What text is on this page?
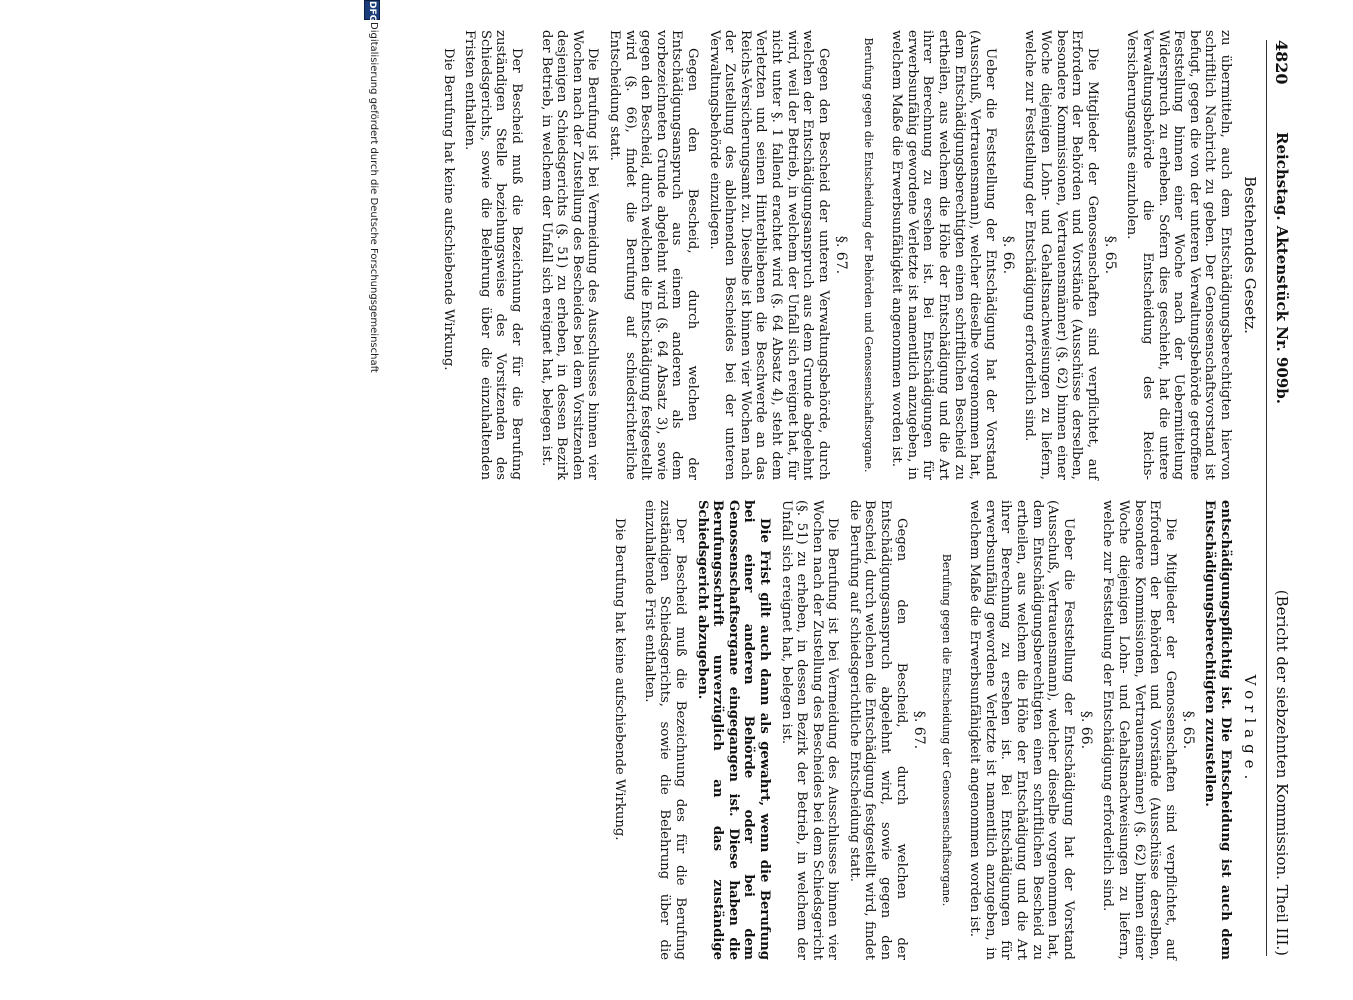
4820
Reichstag. Aktenstück Nr. 909b.
(Bericht der siebzehnten Kommission. Theil III.)
Bestehendes Gesetz.

zu übermitteln, auch dem Entschädigungsberechtigten hiervon schriftlich Nachricht zu geben. Der Genossenschaftsvorstand ist befugt, gegen die von der unteren Verwaltungsbehörde getroffene Feststellung binnen einer Woche nach der Uebermittelung Widerspruch zu erheben. Sofern dies geschieht, hat die untere Verwaltungsbehörde die Entscheidung des Reichs-Versicherungsamts einzuholen.

§. 65.

Die Mitglieder der Genossenschaften sind verpflichtet, auf Erfordern der Behörden und Vorstände (Ausschüsse derselben, besondere Kommissionen, Vertrauensmänner) (§. 62) binnen einer Woche diejenigen Lohn- und Gehaltsnachweisungen zu liefern, welche zur Feststellung der Entschädigung erforderlich sind.

§. 66.

Ueber die Feststellung der Entschädigung hat der Vorstand (Ausschuß, Vertrauensmann), welcher dieselbe vorgenommen hat, dem Entschädigungsberechtigten einen schriftlichen Bescheid zu ertheilen, aus welchem die Höhe der Entschädigung und die Art ihrer Berechnung zu ersehen ist. Bei Entschädigungen für erwerbsunfähig gewordene Verletzte ist namentlich anzugeben, in welchem Maße die Erwerbsunfähigkeit angenommen worden ist.

Berufung gegen die Entscheidung der Behörden und Genossenschaftsorgane.
§. 67.

Gegen den Bescheid der unteren Verwaltungsbehörde, durch welchen der Entschädigungsanspruch aus dem Grunde abgelehnt wird, weil der Betrieb, in welchem der Unfall sich ereignet hat, für nicht unter §. 1 fallend erachtet wird (§. 64 Absatz 4), steht dem Verletzten und seinen Hinterbliebenen die Beschwerde an das Reichs-Versicherungsamt zu. Dieselbe ist binnen vier Wochen nach der Zustellung des ablehnenden Bescheides bei der unteren Verwaltungsbehörde einzulegen.

Gegen den Bescheid, durch welchen der Entschädigungsanspruch aus einem anderen als dem vorbezeichneten Grunde abgelehnt wird (§. 64 Absatz 3), sowie gegen den Bescheid, durch welchen die Entschädigung festgestellt wird (§. 66), findet die Berufung auf schiedsrichterliche Entscheidung statt.

Die Berufung ist bei Vermeidung des Ausschlusses binnen vier Wochen nach der Zustellung des Bescheides bei dem Vorsitzenden desjenigen Schiedsgerichts (§. 51) zu erheben, in dessen Bezirk der Betrieb, in welchem der Unfall sich ereignet hat, belegen ist.

Der Bescheid muß die Bezeichnung der für die Berufung zuständigen Stelle beziehungsweise des Vorsitzenden des Schiedsgerichts, sowie die Belehrung über die einzuhaltenden Fristen enthalten.

Die Berufung hat keine aufschiebende Wirkung.

Vorlage.

entschädigungspflichtig ist. Die Entscheidung ist auch dem Entschädigungsberechtigten zuzustellen.

§. 65.

Die Mitglieder der Genossenschaften sind verpflichtet, auf Erfordern der Behörden und Vorstände (Ausschüsse derselben, besondere Kommissionen, Vertrauensmänner) (§. 62) binnen einer Woche diejenigen Lohn- und Gehaltsnachweisungen zu liefern, welche zur Feststellung der Entschädigung erforderlich sind.

§. 66.

Ueber die Feststellung der Entschädigung hat der Vorstand (Ausschuß, Vertrauensmann), welcher dieselbe vorgenommen hat, dem Entschädigungsberechtigten einen schriftlichen Bescheid zu ertheilen, aus welchem die Höhe der Entschädigung und die Art ihrer Berechnung zu ersehen ist. Bei Entschädigungen für erwerbsunfähig gewordene Verletzte ist namentlich anzugeben, in welchem Maße die Erwerbsunfähigkeit angenommen worden ist.

Berufung gegen die Entscheidung der Genossenschaftsorgane.
§. 67.

Gegen den Bescheid, durch welchen der Entschädigungsanspruch abgelehnt wird, sowie gegen den Bescheid, durch welchen die Entschädigung festgestellt wird, findet die Berufung auf schiedsgerichtliche Entscheidung statt.

Die Berufung ist bei Vermeidung des Ausschlusses binnen vier Wochen nach der Zustellung des Bescheides bei dem Schiedsgericht (§. 51) zu erheben, in dessen Bezirk der Betrieb, in welchem der Unfall sich ereignet hat, belegen ist.

Die Frist gilt auch dann als gewahrt, wenn die Berufung bei einer anderen Behörde oder bei dem Genossenschaftsorgane eingegangen ist. Diese haben die Berufungsschrift unverzüglich an das zuständige Schiedsgericht abzugeben.

Der Bescheid muß die Bezeichnung des für die Berufung zuständigen Schiedsgerichts, sowie die Belehrung über die einzuhaltende Frist enthalten.

Die Berufung hat keine aufschiebende Wirkung.

DFG
Digitalisierung gefördert durch die Deutsche Forschungsgemeinschaft
